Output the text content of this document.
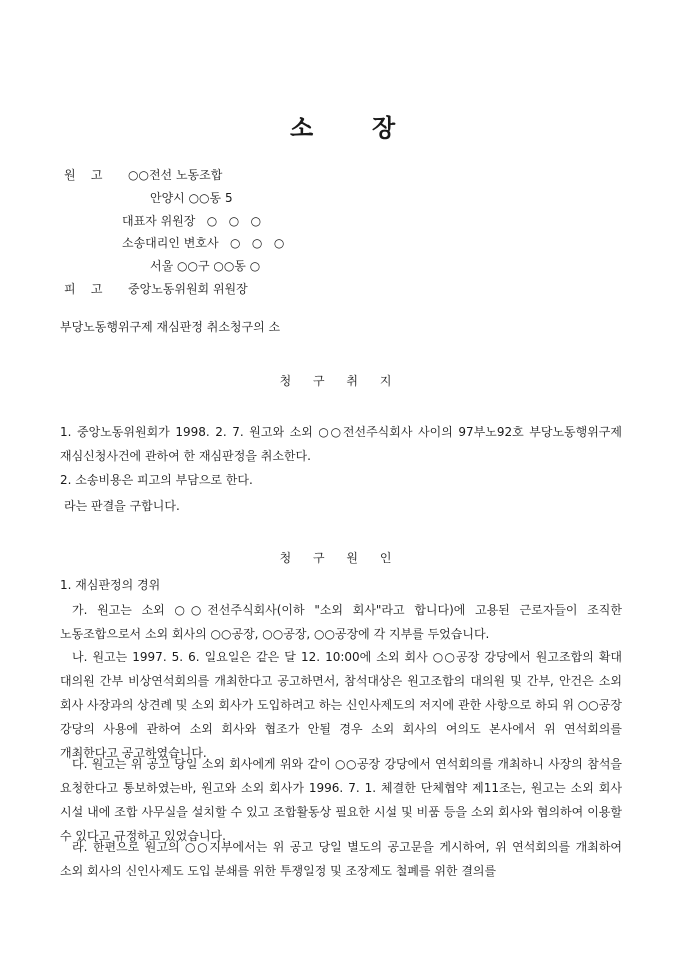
소 장
원    고 ○○전선 노동조합
안양시 ○○동 5
대표자 위원장   ○   ○   ○
소송대리인 변호사   ○   ○   ○
서울 ○○구 ○○동 ○
피    고 중앙노동위원회 위원장
부당노동행위구제 재심판정 취소청구의 소
청 구 취 지
1. 중앙노동위원회가 1998. 2. 7. 원고와 소외 ○○전선주식회사 사이의 97부노92호 부당노동행위구제 재심신청사건에 관하여 한 재심판정을 취소한다.
2. 소송비용은 피고의 부담으로 한다.
라는 판결을 구합니다.
청 구 원 인
1. 재심판정의 경위
가. 원고는 소외 ○○전선주식회사(이하 "소외 회사"라고 합니다)에 고용된 근로자들이 조직한 노동조합으로서 소외 회사의 ○○공장, ○○공장, ○○공장에 각 지부를 두었습니다.
나. 원고는 1997. 5. 6. 일요일은 같은 달 12. 10:00에 소외 회사 ○○공장 강당에서 원고조합의 확대 대의원 간부 비상연석회의를 개최한다고 공고하면서, 참석대상은 원고조합의 대의원 및 간부, 안건은 소외 회사 사장과의 상견례 및 소외 회사가 도입하려고 하는 신인사제도의 저지에 관한 사항으로 하되 위 ○○공장 강당의 사용에 관하여 소외 회사와 협조가 안될 경우 소외 회사의 여의도 본사에서 위 연석회의를 개최한다고 공고하였습니다.
다. 원고는 위 공고 당일 소외 회사에게 위와 같이 ○○공장 강당에서 연석회의를 개최하니 사장의 참석을 요청한다고 통보하였는바, 원고와 소외 회사가 1996. 7. 1. 체결한 단체협약 제11조는, 원고는 소외 회사 시설 내에 조합 사무실을 설치할 수 있고 조합활동상 필요한 시설 및 비품 등을 소외 회사와 협의하여 이용할 수 있다고 규정하고 있었습니다.
라. 한편으로 원고의 ○○지부에서는 위 공고 당일 별도의 공고문을 게시하여, 위 연석회의를 개최하여 소외 회사의 신인사제도 도입 분쇄를 위한 투쟁일정 및 조장제도 철폐를 위한 결의를
